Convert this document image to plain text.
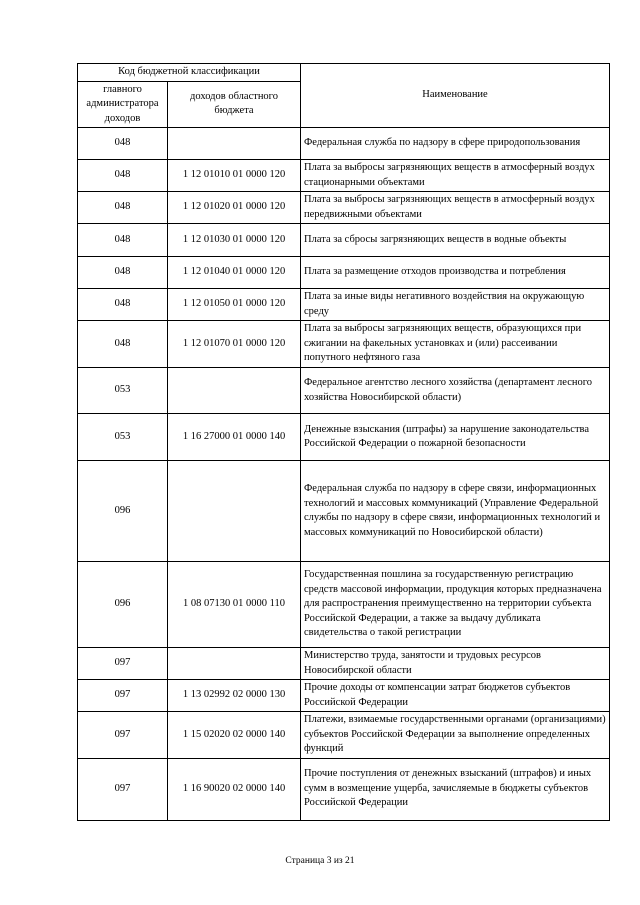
Код бюджетной классификации		Наименование
главного администратора доходов	доходов областного бюджета	
048		Федеральная служба по надзору в сфере природопользования
048	1 12 01010 01 0000 120	Плата за выбросы загрязняющих веществ в атмосферный воздух стационарными объектами
048	1 12 01020 01 0000 120	Плата за выбросы загрязняющих веществ в атмосферный воздух передвижными объектами
048	1 12 01030 01 0000 120	Плата за сбросы загрязняющих веществ в водные объекты
048	1 12 01040 01 0000 120	Плата за размещение отходов производства и потребления
048	1 12 01050 01 0000 120	Плата за иные виды негативного воздействия на окружающую среду
048	1 12 01070 01 0000 120	Плата за выбросы загрязняющих веществ, образующихся при сжигании на факельных установках и (или) рассеивании попутного нефтяного газа
053		Федеральное агентство лесного хозяйства (департамент лесного хозяйства Новосибирской области)
053	1 16 27000 01 0000 140	Денежные взыскания (штрафы) за нарушение законодательства Российской Федерации о пожарной безопасности
096		Федеральная служба по надзору в сфере связи, информационных технологий и массовых коммуникаций (Управление Федеральной службы по надзору в сфере связи, информационных технологий и массовых коммуникаций по Новосибирской области)
096	1 08 07130 01 0000 110	Государственная пошлина за государственную регистрацию средств массовой информации, продукция которых предназначена для распространения преимущественно на территории субъекта Российской Федерации, а также за выдачу дубликата свидетельства о такой регистрации
097		Министерство труда, занятости и трудовых ресурсов Новосибирской области
097	1 13 02992 02 0000 130	Прочие доходы от компенсации затрат бюджетов субъектов Российской Федерации
097	1 15 02020 02 0000 140	Платежи, взимаемые государственными органами (организациями) субъектов Российской Федерации за выполнение определенных функций
097	1 16 90020 02 0000 140	Прочие поступления от денежных взысканий (штрафов) и иных сумм в возмещение ущерба, зачисляемые в бюджеты субъектов Российской Федерации
Страница 3 из 21
